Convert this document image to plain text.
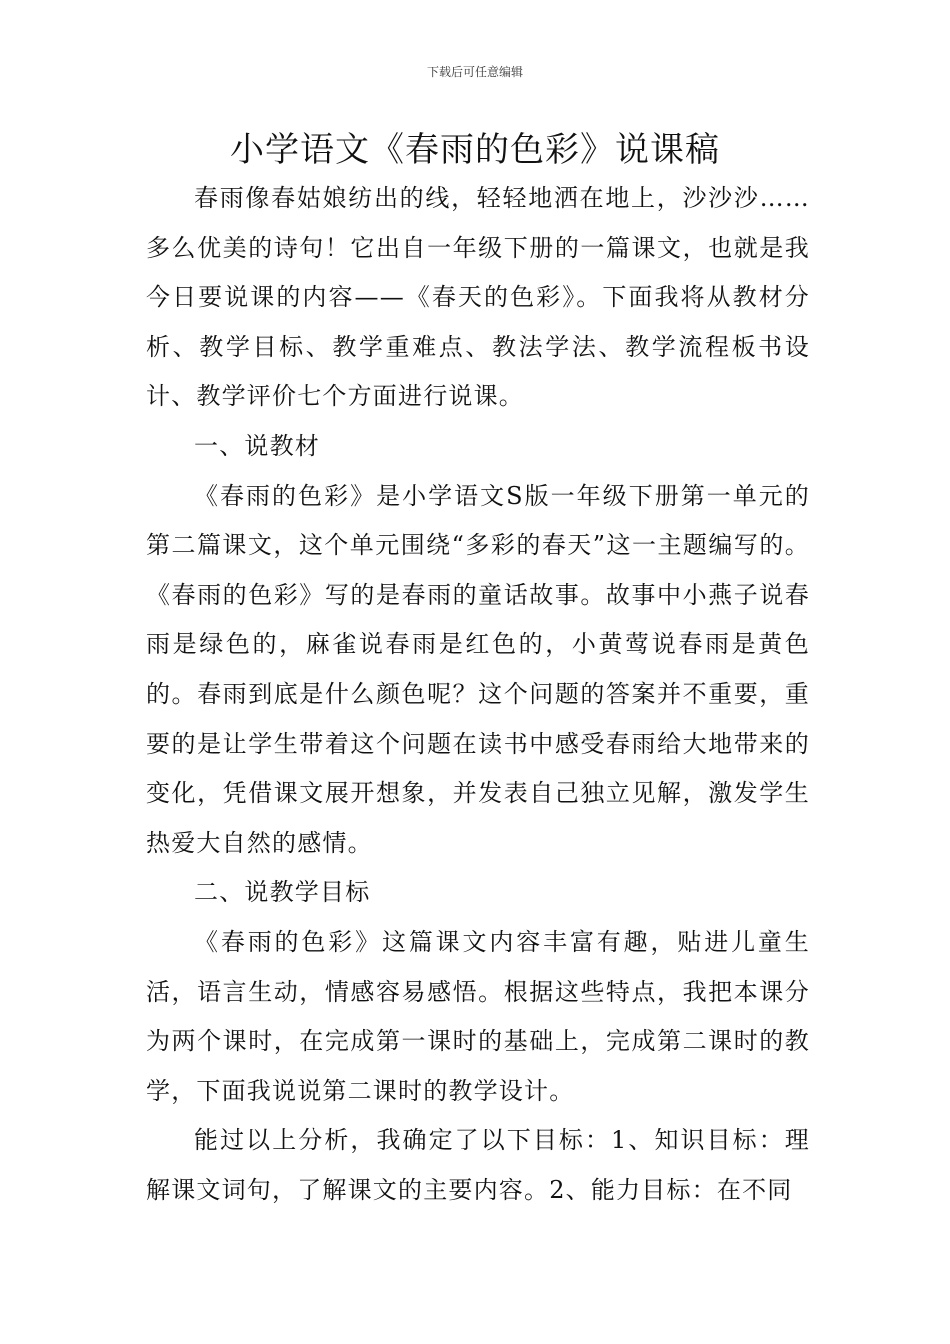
下载后可任意编辑
小学语文《春雨的色彩》说课稿

春雨像春姑娘纺出的线，轻轻地洒在地上，沙沙沙……多么优美的诗句！它出自一年级下册的一篇课文，也就是我今日要说课的内容——《春天的色彩》。下面我将从教材分析、教学目标、教学重难点、教法学法、教学流程板书设计、教学评价七个方面进行说课。

一、说教材

《春雨的色彩》是小学语文S版一年级下册第一单元的第二篇课文，这个单元围绕“多彩的春天”这一主题编写的。《春雨的色彩》写的是春雨的童话故事。故事中小燕子说春雨是绿色的，麻雀说春雨是红色的，小黄莺说春雨是黄色的。春雨到底是什么颜色呢？这个问题的答案并不重要，重要的是让学生带着这个问题在读书中感受春雨给大地带来的变化，凭借课文展开想象，并发表自己独立见解，激发学生热爱大自然的感情。

二、说教学目标

《春雨的色彩》这篇课文内容丰富有趣，贴进儿童生活，语言生动，情感容易感悟。根据这些特点，我把本课分为两个课时，在完成第一课时的基础上，完成第二课时的教学，下面我说说第二课时的教学设计。

能过以上分析，我确定了以下目标：1、知识目标：理解课文词句，了解课文的主要内容。2、能力目标：在不同
